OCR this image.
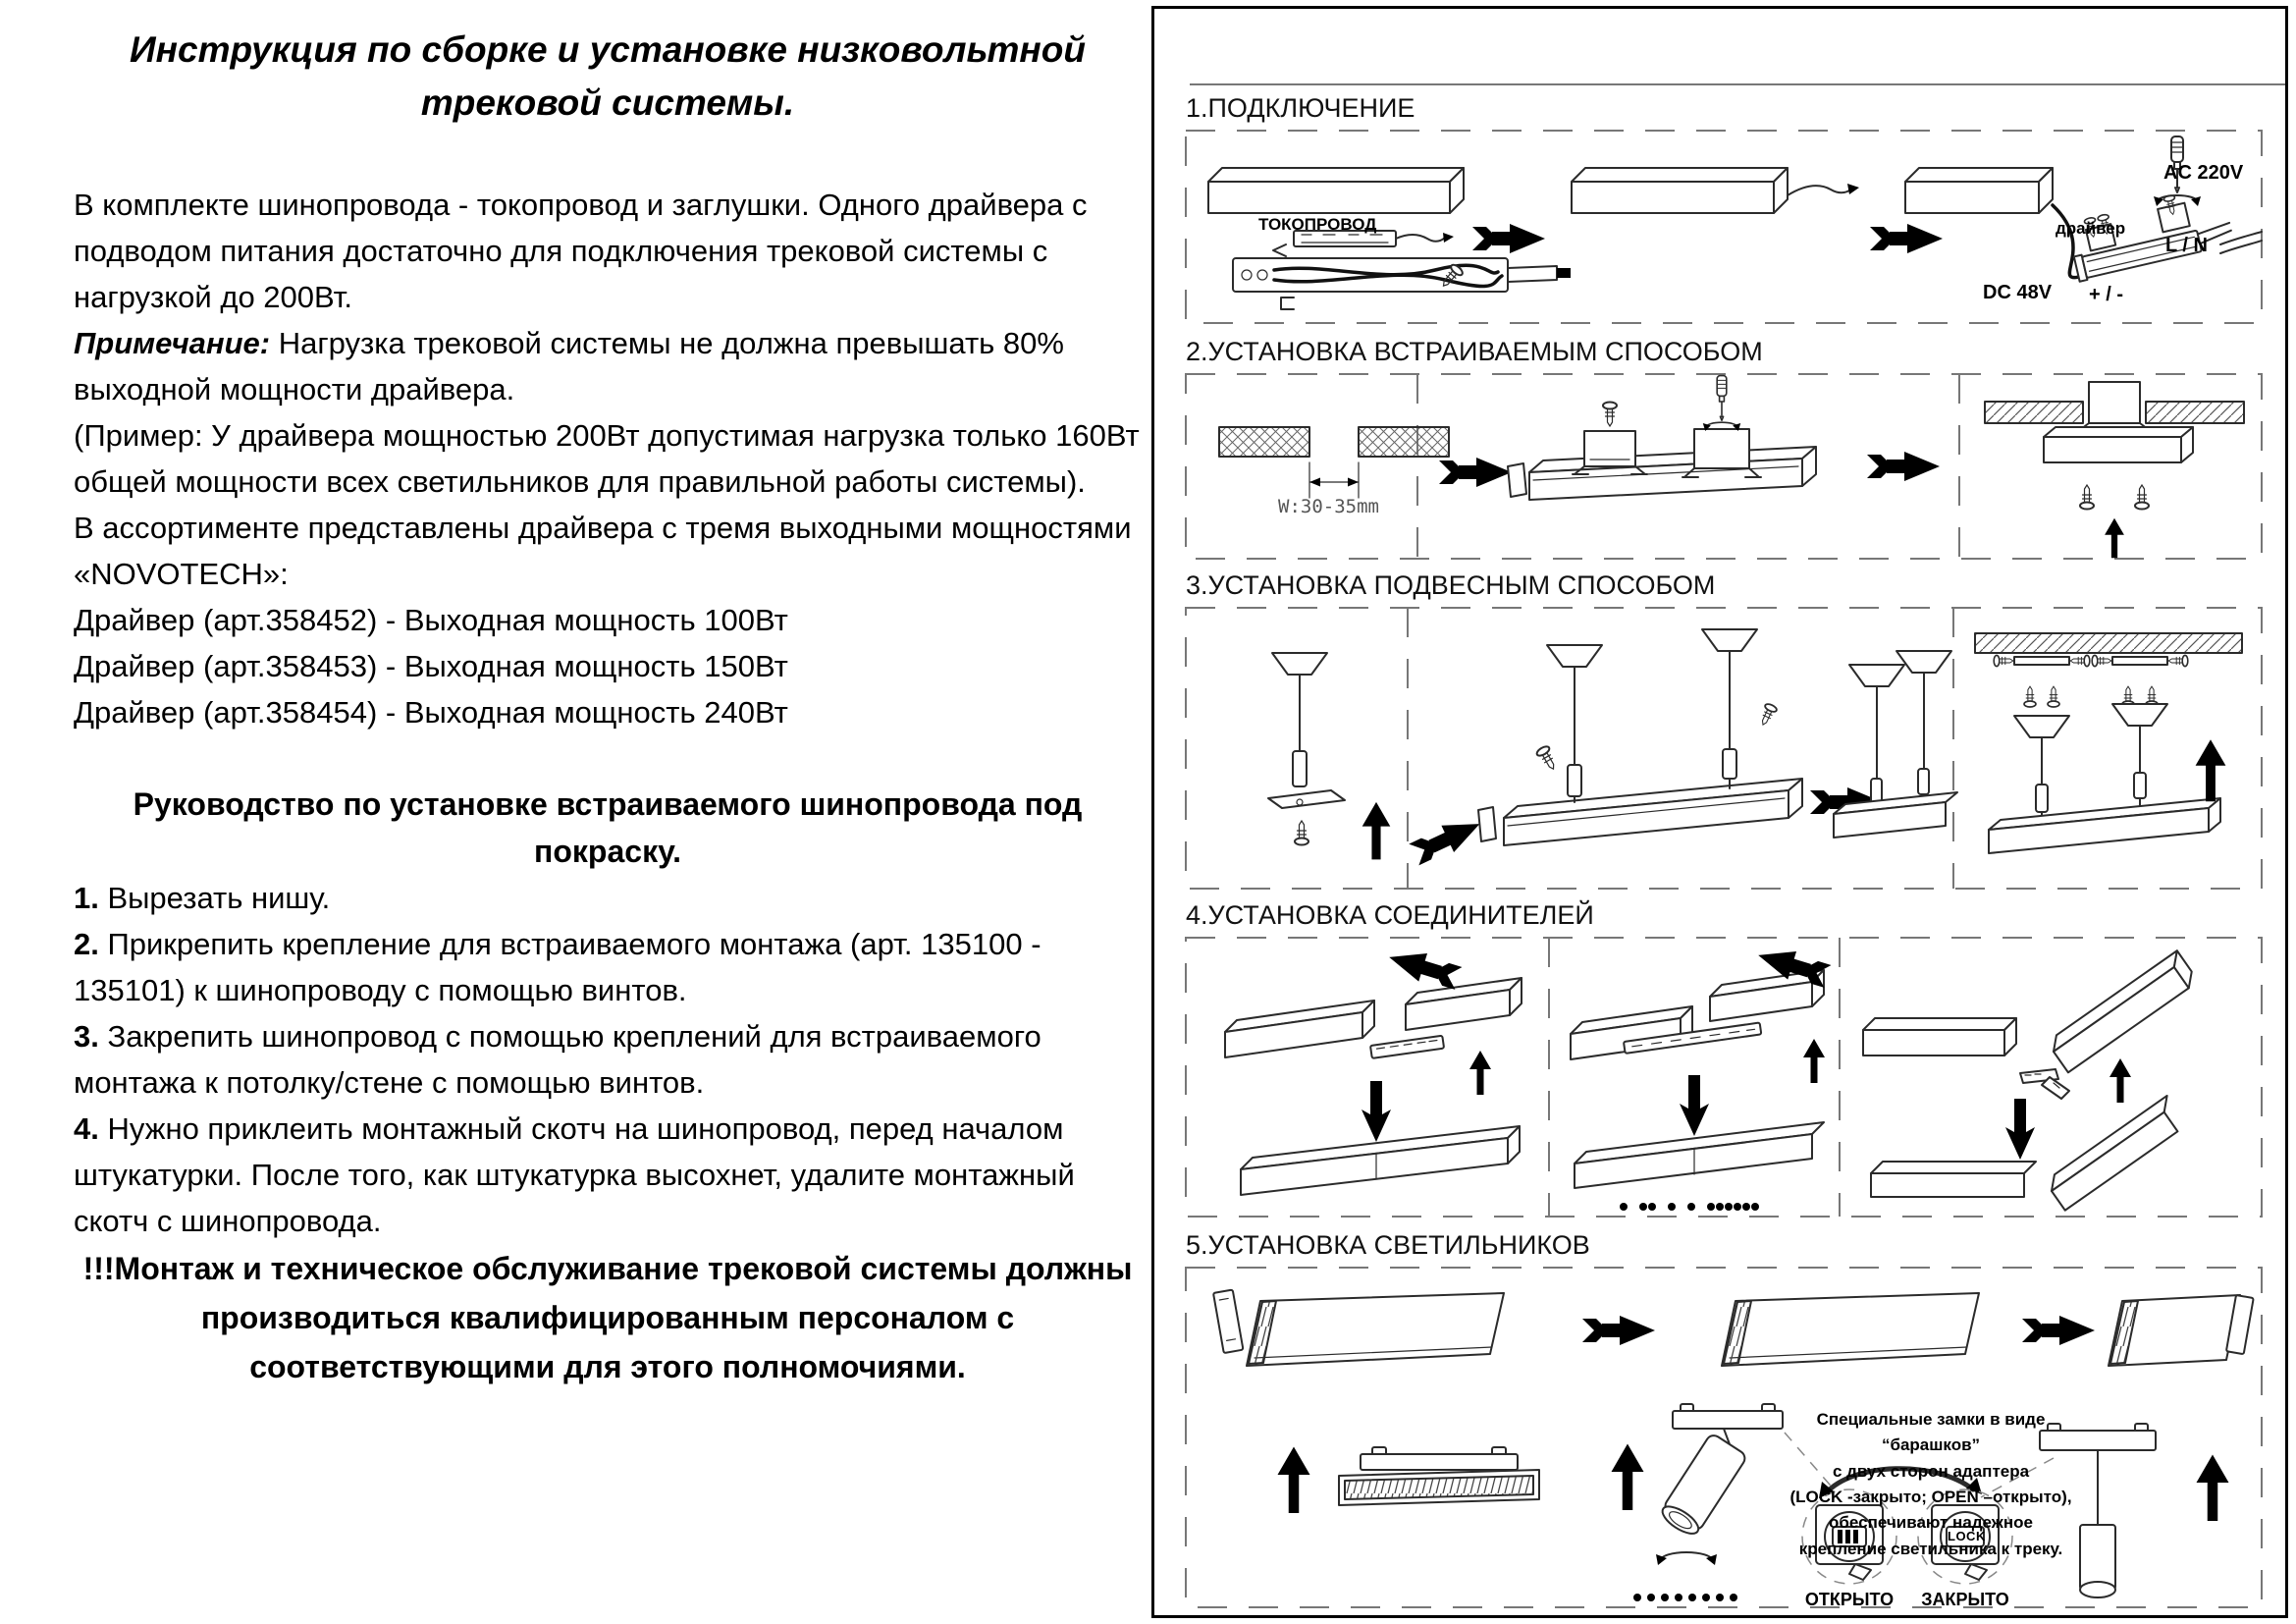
Инструкция по сборке и установке низковольтной трековой системы.

В комплекте шинопровода - токопровод и заглушки. Одного драйвера с подводом питания достаточно для подключения трековой системы с нагрузкой до 200Вт.

Примечание: Нагрузка трековой системы не должна превышать 80% выходной мощности драйвера.

(Пример: У драйвера мощностью 200Вт допустимая нагрузка только 160Вт общей мощности всех светильников для правильной работы системы).

В ассортименте представлены драйвера с тремя выходными мощностями «NOVOTECH»:

Драйвер (арт.358452) - Выходная мощность 100Вт

Драйвер (арт.358453) - Выходная мощность 150Вт

Драйвер (арт.358454) - Выходная мощность 240Вт

Руководство по установке встраиваемого шинопровода под покраску.

1. Вырезать нишу.

2. Прикрепить крепление для встраиваемого монтажа (арт. 135100 - 135101) к шинопроводу с помощью винтов.

3. Закрепить шинопровод с помощью креплений для встраиваемого монтажа к потолку/стене с помощью винтов.

4. Нужно приклеить монтажный скотч на шинопровод, перед началом штукатурки. После того, как штукатурка высохнет, удалите монтажный скотч с шинопровода.

!!!Монтаж и техническое обслуживание трековой системы должны производиться квалифицированным персоналом с соответствующими для этого полномочиями.

1.ПОДКЛЮЧЕНИЕ
ТОКОПРОВОД	драйвер
AC 220V
L / N
+ / -
DC 48V
2.УСТАНОВКА ВСТРАИВАЕМЫМ СПОСОБОМ
W:30-35mm
3.УСТАНОВКА ПОДВЕСНЫМ СПОСОБОМ
4.УСТАНОВКА СОЕДИНИТЕЛЕЙ
5.УСТАНОВКА СВЕТИЛЬНИКОВ
Специальные замки в виде “барашков”
с двух сторон адаптера
(LOCK -закрыто; OPEN –открыто),
обеспечивают надежное
крепление светильника к треку.
LOCK
ОТКРЫТО	ЗАКРЫТО
